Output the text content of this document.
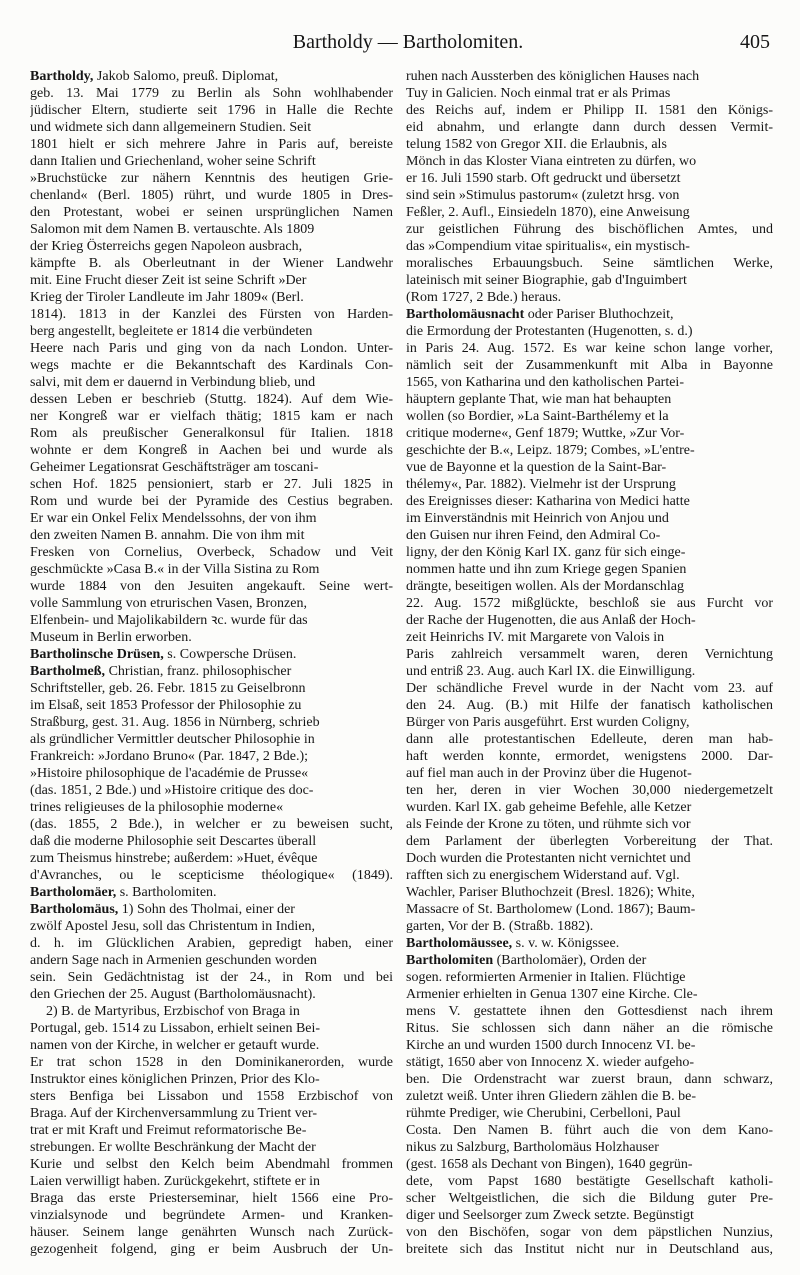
Bartholdy — Bartholomiten.	405
Bartholdy, Jakob Salomo, preuß. Diplomat,
geb. 13. Mai 1779 zu Berlin als Sohn wohlhabender
jüdischer Eltern, studierte seit 1796 in Halle die Rechte
und widmete sich dann allgemeinern Studien. Seit
1801 hielt er sich mehrere Jahre in Paris auf, bereiste
dann Italien und Griechenland, woher seine Schrift
»Bruchstücke zur nähern Kenntnis des heutigen Grie-
chenland« (Berl. 1805) rührt, und wurde 1805 in Dres-
den Protestant, wobei er seinen ursprünglichen Namen
Salomon mit dem Namen B. vertauschte. Als 1809
der Krieg Österreichs gegen Napoleon ausbrach,
kämpfte B. als Oberleutnant in der Wiener Landwehr
mit. Eine Frucht dieser Zeit ist seine Schrift »Der
Krieg der Tiroler Landleute im Jahr 1809« (Berl.
1814). 1813 in der Kanzlei des Fürsten von Harden-
berg angestellt, begleitete er 1814 die verbündeten
Heere nach Paris und ging von da nach London. Unter-
wegs machte er die Bekanntschaft des Kardinals Con-
salvi, mit dem er dauernd in Verbindung blieb, und
dessen Leben er beschrieb (Stuttg. 1824). Auf dem Wie-
ner Kongreß war er vielfach thätig; 1815 kam er nach
Rom als preußischer Generalkonsul für Italien. 1818
wohnte er dem Kongreß in Aachen bei und wurde als
Geheimer Legationsrat Geschäftsträger am toscani-
schen Hof. 1825 pensioniert, starb er 27. Juli 1825 in
Rom und wurde bei der Pyramide des Cestius begraben.
Er war ein Onkel Felix Mendelssohns, der von ihm
den zweiten Namen B. annahm. Die von ihm mit
Fresken von Cornelius, Overbeck, Schadow und Veit
geschmückte »Casa B.« in der Villa Sistina zu Rom
wurde 1884 von den Jesuiten angekauft. Seine wert-
volle Sammlung von etrurischen Vasen, Bronzen,
Elfenbein- und Majolikabildern ꝛc. wurde für das
Museum in Berlin erworben.
Bartholinsche Drüsen, s. Cowpersche Drüsen.
Bartholmeß, Christian, franz. philosophischer
Schriftsteller, geb. 26. Febr. 1815 zu Geiselbronn
im Elsaß, seit 1853 Professor der Philosophie zu
Straßburg, gest. 31. Aug. 1856 in Nürnberg, schrieb
als gründlicher Vermittler deutscher Philosophie in
Frankreich: »Jordano Bruno« (Par. 1847, 2 Bde.);
»Histoire philosophique de l'académie de Prusse«
(das. 1851, 2 Bde.) und »Histoire critique des doc-
trines religieuses de la philosophie moderne«
(das. 1855, 2 Bde.), in welcher er zu beweisen sucht,
daß die moderne Philosophie seit Descartes überall
zum Theismus hinstrebe; außerdem: »Huet, évêque
d'Avranches, ou le scepticisme théologique« (1849).
Bartholomäer, s. Bartholomiten.
Bartholomäus, 1) Sohn des Tholmai, einer der
zwölf Apostel Jesu, soll das Christentum in Indien,
d. h. im Glücklichen Arabien, gepredigt haben, einer
andern Sage nach in Armenien geschunden worden
sein. Sein Gedächtnistag ist der 24., in Rom und bei
den Griechen der 25. August (Bartholomäusnacht).
2) B. de Martyribus, Erzbischof von Braga in
Portugal, geb. 1514 zu Lissabon, erhielt seinen Bei-
namen von der Kirche, in welcher er getauft wurde.
Er trat schon 1528 in den Dominikanerorden, wurde
Instruktor eines königlichen Prinzen, Prior des Klo-
sters Benfiga bei Lissabon und 1558 Erzbischof von
Braga. Auf der Kirchenversammlung zu Trient ver-
trat er mit Kraft und Freimut reformatorische Be-
strebungen. Er wollte Beschränkung der Macht der
Kurie und selbst den Kelch beim Abendmahl frommen
Laien verwilligt haben. Zurückgekehrt, stiftete er in
Braga das erste Priesterseminar, hielt 1566 eine Pro-
vinzialsynode und begründete Armen- und Kranken-
häuser. Seinem lange genährten Wunsch nach Zurück-
gezogenheit folgend, ging er beim Ausbruch der Un-
ruhen nach Aussterben des königlichen Hauses nach
Tuy in Galicien. Noch einmal trat er als Primas
des Reichs auf, indem er Philipp II. 1581 den Königs-
eid abnahm, und erlangte dann durch dessen Vermit-
telung 1582 von Gregor XII. die Erlaubnis, als
Mönch in das Kloster Viana eintreten zu dürfen, wo
er 16. Juli 1590 starb. Oft gedruckt und übersetzt
sind sein »Stimulus pastorum« (zuletzt hrsg. von
Feßler, 2. Aufl., Einsiedeln 1870), eine Anweisung
zur geistlichen Führung des bischöflichen Amtes, und
das »Compendium vitae spiritualis«, ein mystisch-
moralisches Erbauungsbuch. Seine sämtlichen Werke,
lateinisch mit seiner Biographie, gab d'Inguimbert
(Rom 1727, 2 Bde.) heraus.
Bartholomäusnacht oder Pariser Bluthochzeit,
die Ermordung der Protestanten (Hugenotten, s. d.)
in Paris 24. Aug. 1572. Es war keine schon lange vorher,
nämlich seit der Zusammenkunft mit Alba in Bayonne
1565, von Katharina und den katholischen Partei-
häuptern geplante That, wie man hat behaupten
wollen (so Bordier, »La Saint-Barthélemy et la
critique moderne«, Genf 1879; Wuttke, »Zur Vor-
geschichte der B.«, Leipz. 1879; Combes, »L'entre-
vue de Bayonne et la question de la Saint-Bar-
thélemy«, Par. 1882). Vielmehr ist der Ursprung
des Ereignisses dieser: Katharina von Medici hatte
im Einverständnis mit Heinrich von Anjou und
den Guisen nur ihren Feind, den Admiral Co-
ligny, der den König Karl IX. ganz für sich einge-
nommen hatte und ihn zum Kriege gegen Spanien
drängte, beseitigen wollen. Als der Mordanschlag
22. Aug. 1572 mißglückte, beschloß sie aus Furcht vor
der Rache der Hugenotten, die aus Anlaß der Hoch-
zeit Heinrichs IV. mit Margarete von Valois in
Paris zahlreich versammelt waren, deren Vernichtung
und entriß 23. Aug. auch Karl IX. die Einwilligung.
Der schändliche Frevel wurde in der Nacht vom 23. auf
den 24. Aug. (B.) mit Hilfe der fanatisch katholischen
Bürger von Paris ausgeführt. Erst wurden Coligny,
dann alle protestantischen Edelleute, deren man hab-
haft werden konnte, ermordet, wenigstens 2000. Dar-
auf fiel man auch in der Provinz über die Hugenot-
ten her, deren in vier Wochen 30,000 niedergemetzelt
wurden. Karl IX. gab geheime Befehle, alle Ketzer
als Feinde der Krone zu töten, und rühmte sich vor
dem Parlament der überlegten Vorbereitung der That.
Doch wurden die Protestanten nicht vernichtet und
rafften sich zu energischem Widerstand auf. Vgl.
Wachler, Pariser Bluthochzeit (Bresl. 1826); White,
Massacre of St. Bartholomew (Lond. 1867); Baum-
garten, Vor der B. (Straßb. 1882).
Bartholomäussee, s. v. w. Königssee.
Bartholomiten (Bartholomäer), Orden der
sogen. reformierten Armenier in Italien. Flüchtige
Armenier erhielten in Genua 1307 eine Kirche. Cle-
mens V. gestattete ihnen den Gottesdienst nach ihrem
Ritus. Sie schlossen sich dann näher an die römische
Kirche an und wurden 1500 durch Innocenz VI. be-
stätigt, 1650 aber von Innocenz X. wieder aufgeho-
ben. Die Ordenstracht war zuerst braun, dann schwarz,
zuletzt weiß. Unter ihren Gliedern zählen die B. be-
rühmte Prediger, wie Cherubini, Cerbelloni, Paul
Costa. Den Namen B. führt auch die von dem Kano-
nikus zu Salzburg, Bartholomäus Holzhauser
(gest. 1658 als Dechant von Bingen), 1640 gegrün-
dete, vom Papst 1680 bestätigte Gesellschaft katholi-
scher Weltgeistlichen, die sich die Bildung guter Pre-
diger und Seelsorger zum Zweck setzte. Begünstigt
von den Bischöfen, sogar von dem päpstlichen Nunzius,
breitete sich das Institut nicht nur in Deutschland aus,
